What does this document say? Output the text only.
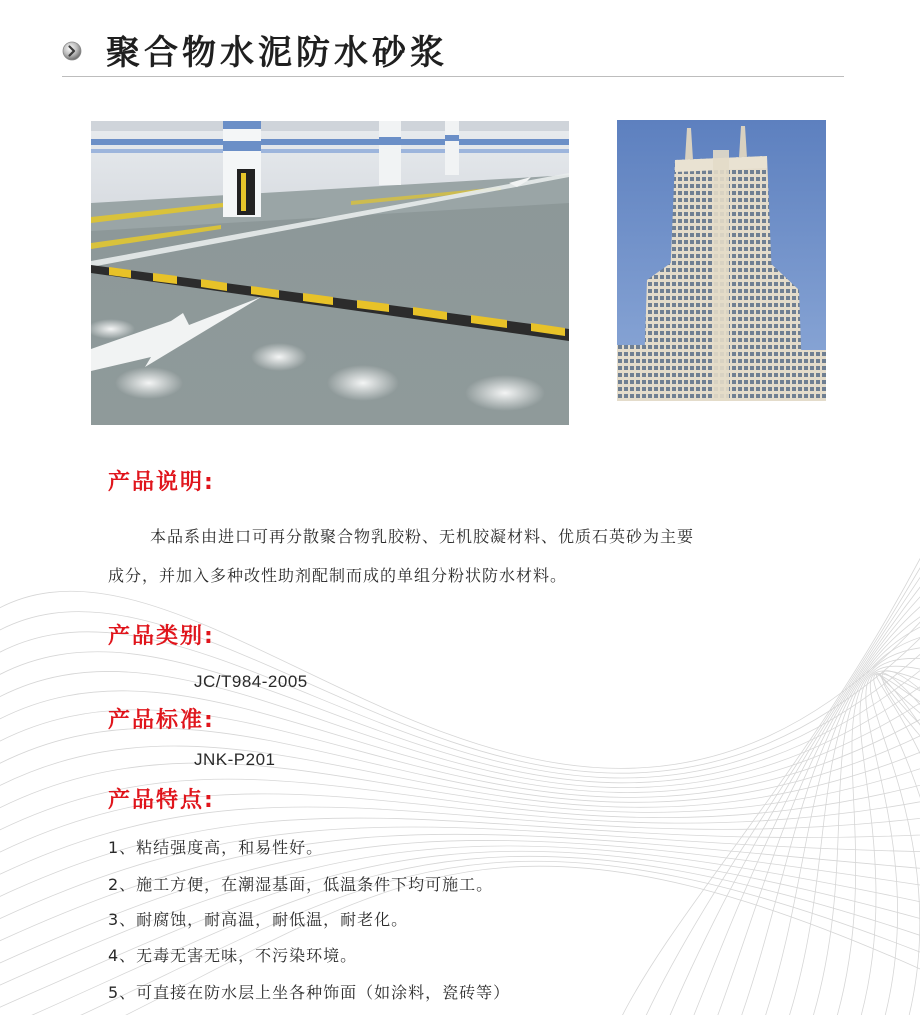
聚合物水泥防水砂浆
产品说明:

本品系由进口可再分散聚合物乳胶粉、无机胶凝材料、优质石英砂为主要

成分，并加入多种改性助剂配制而成的单组分粉状防水材料。

产品类别:

JC/T984-2005

产品标准:

JNK-P201

产品特点:

1、粘结强度高，和易性好。

2、施工方便，在潮湿基面，低温条件下均可施工。

3、耐腐蚀，耐高温，耐低温，耐老化。

4、无毒无害无味，不污染环境。

5、可直接在防水层上坐各种饰面（如涂料，瓷砖等）
